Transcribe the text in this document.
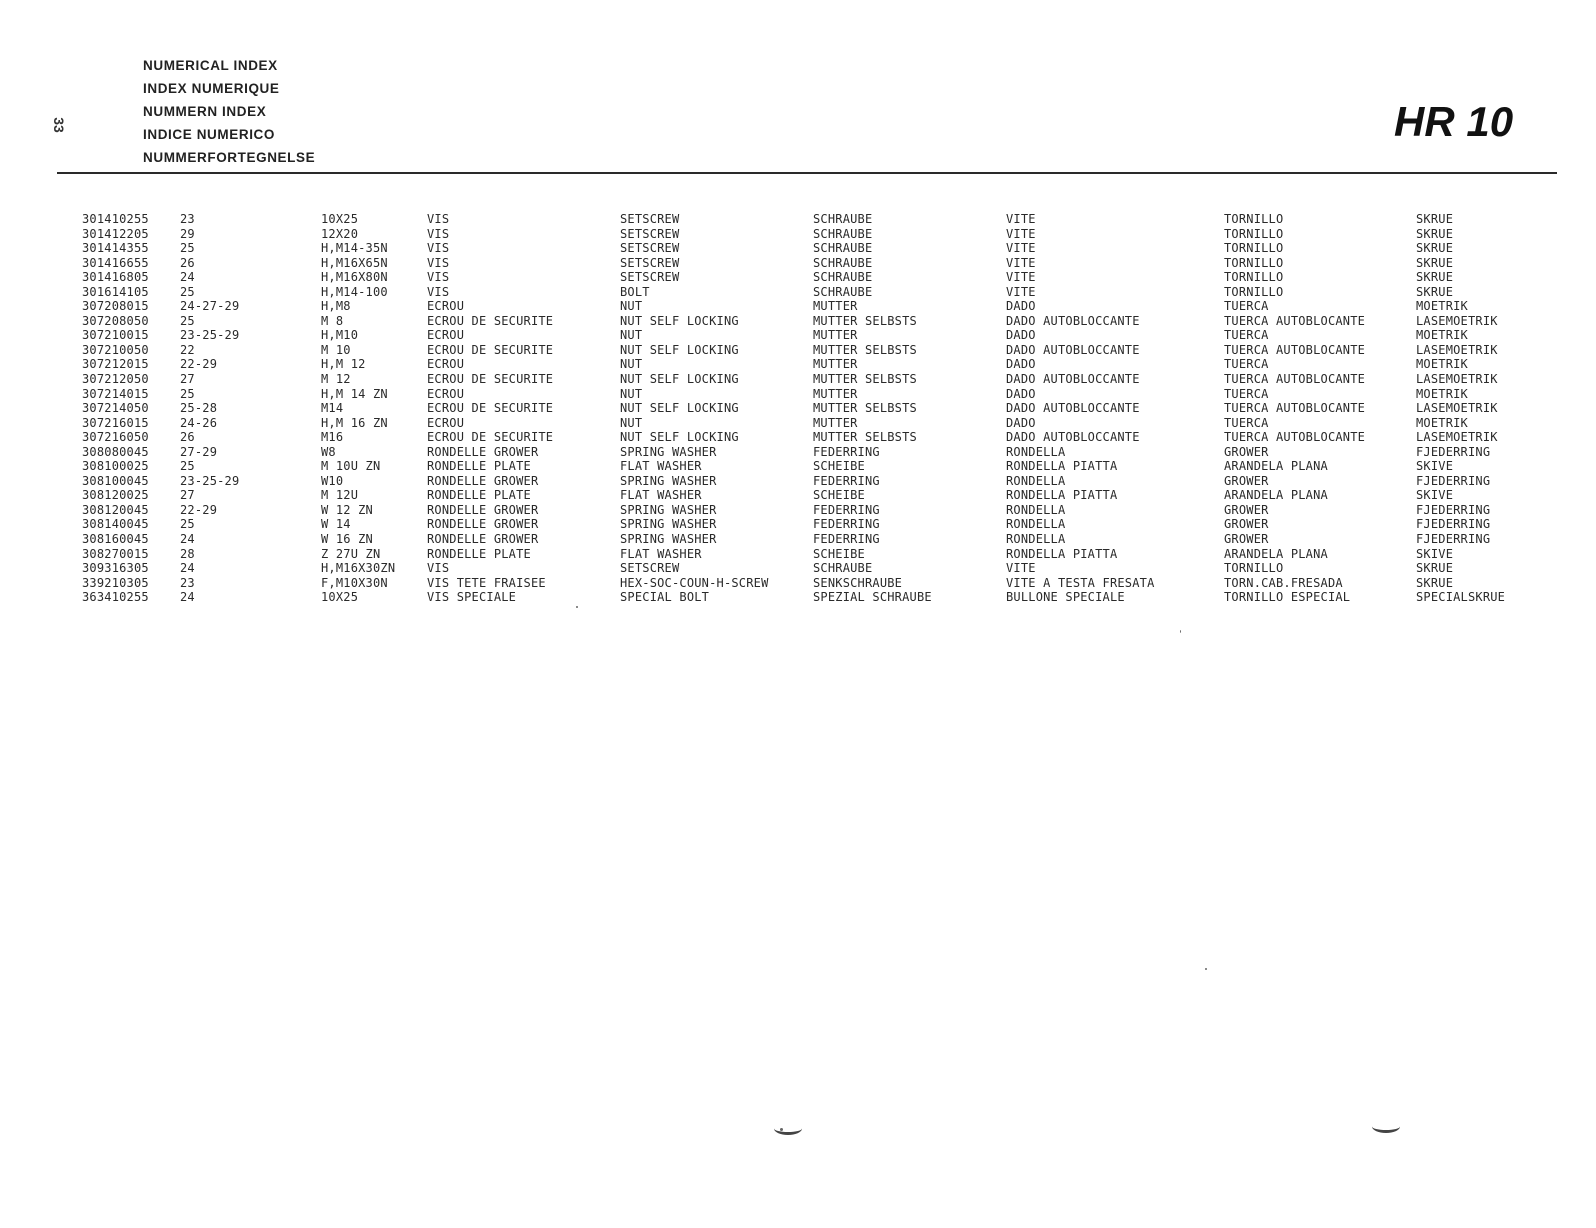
NUMERICAL INDEX
INDEX NUMERIQUE
NUMMERN INDEX
INDICE NUMERICO
NUMMERFORTEGNELSE
33	HR 10
301410255	23	10X25	VIS	SETSCREW	SCHRAUBE	VITE	TORNILLO	SKRUE
301412205	29	12X20	VIS	SETSCREW	SCHRAUBE	VITE	TORNILLO	SKRUE
301414355	25	H,M14-35N	VIS	SETSCREW	SCHRAUBE	VITE	TORNILLO	SKRUE
301416655	26	H,M16X65N	VIS	SETSCREW	SCHRAUBE	VITE	TORNILLO	SKRUE
301416805	24	H,M16X80N	VIS	SETSCREW	SCHRAUBE	VITE	TORNILLO	SKRUE
301614105	25	H,M14-100	VIS	BOLT	SCHRAUBE	VITE	TORNILLO	SKRUE
307208015	24-27-29	H,M8	ECROU	NUT	MUTTER	DADO	TUERCA	MOETRIK
307208050	25	M 8	ECROU DE SECURITE	NUT SELF LOCKING	MUTTER SELBSTS	DADO AUTOBLOCCANTE	TUERCA AUTOBLOCANTE	LASEMOETRIK
307210015	23-25-29	H,M10	ECROU	NUT	MUTTER	DADO	TUERCA	MOETRIK
307210050	22	M 10	ECROU DE SECURITE	NUT SELF LOCKING	MUTTER SELBSTS	DADO AUTOBLOCCANTE	TUERCA AUTOBLOCANTE	LASEMOETRIK
307212015	22-29	H,M 12	ECROU	NUT	MUTTER	DADO	TUERCA	MOETRIK
307212050	27	M 12	ECROU DE SECURITE	NUT SELF LOCKING	MUTTER SELBSTS	DADO AUTOBLOCCANTE	TUERCA AUTOBLOCANTE	LASEMOETRIK
307214015	25	H,M 14 ZN	ECROU	NUT	MUTTER	DADO	TUERCA	MOETRIK
307214050	25-28	M14	ECROU DE SECURITE	NUT SELF LOCKING	MUTTER SELBSTS	DADO AUTOBLOCCANTE	TUERCA AUTOBLOCANTE	LASEMOETRIK
307216015	24-26	H,M 16 ZN	ECROU	NUT	MUTTER	DADO	TUERCA	MOETRIK
307216050	26	M16	ECROU DE SECURITE	NUT SELF LOCKING	MUTTER SELBSTS	DADO AUTOBLOCCANTE	TUERCA AUTOBLOCANTE	LASEMOETRIK
308080045	27-29	W8	RONDELLE GROWER	SPRING WASHER	FEDERRING	RONDELLA	GROWER	FJEDERRING
308100025	25	M 10U ZN	RONDELLE PLATE	FLAT WASHER	SCHEIBE	RONDELLA PIATTA	ARANDELA PLANA	SKIVE
308100045	23-25-29	W10	RONDELLE GROWER	SPRING WASHER	FEDERRING	RONDELLA	GROWER	FJEDERRING
308120025	27	M 12U	RONDELLE PLATE	FLAT WASHER	SCHEIBE	RONDELLA PIATTA	ARANDELA PLANA	SKIVE
308120045	22-29	W 12 ZN	RONDELLE GROWER	SPRING WASHER	FEDERRING	RONDELLA	GROWER	FJEDERRING
308140045	25	W 14	RONDELLE GROWER	SPRING WASHER	FEDERRING	RONDELLA	GROWER	FJEDERRING
308160045	24	W 16 ZN	RONDELLE GROWER	SPRING WASHER	FEDERRING	RONDELLA	GROWER	FJEDERRING
308270015	28	Z 27U ZN	RONDELLE PLATE	FLAT WASHER	SCHEIBE	RONDELLA PIATTA	ARANDELA PLANA	SKIVE
309316305	24	H,M16X30ZN	VIS	SETSCREW	SCHRAUBE	VITE	TORNILLO	SKRUE
339210305	23	F,M10X30N	VIS TETE FRAISEE	HEX-SOC-COUN-H-SCREW	SENKSCHRAUBE	VITE A TESTA FRESATA	TORN.CAB.FRESADA	SKRUE
363410255	24	10X25	VIS SPECIALE	SPECIAL BOLT	SPEZIAL SCHRAUBE	BULLONE SPECIALE	TORNILLO ESPECIAL	SPECIALSKRUE
